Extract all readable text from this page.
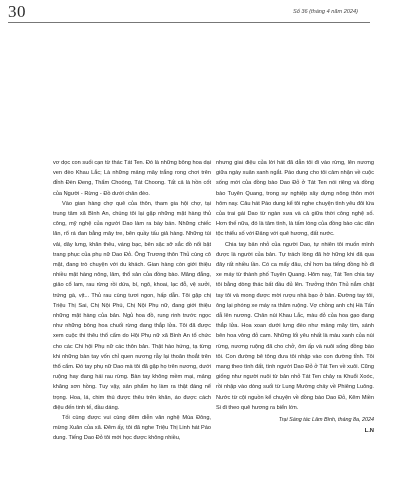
30	Số 36 (tháng 4 năm 2024)

vơ dọc con suối cạn từ thác Tát Ten. Đó là những bông hoa dại ven đèo Khau Lắc; Là những mảng mây trắng rong chơi trên đỉnh Đèn Đeng, Thẩm Choóng, Tát Choong. Tất cả là hồn cốt của Người - Rừng - Đồ dưới chân đèo.

Vào gian hàng chợ quê của thôn, tham gia hội chợ, tại trung tâm xã Bình An, chúng tôi lại gặp những mặt hàng thủ công, mỹ nghệ của người Dao làm ra bày bán. Những chiếc lăn, rổ rá đan bằng mây tre, bên quầy tấu giả hàng. Những túi vải, dây lưng, khăn thêu, váng bạc, bên sặc sỡ sắc đồ nổi bật trang phục của phụ nữ Dao Đỏ. Ông Trương thôn Thủ cùng cô mặt, đang trò chuyện với du khách. Gian hàng còn giới thiệu nhiều mặt hàng nông, lâm, thổ sản của đồng bào. Măng đắng, giảo cổ lam, rau rừng rồi dứa, bí, ngô, khoai, lạc đỗ, vệ sưởi, trứng gà, vịt... Thủ rau cùng tươi ngon, hấp dẫn. Tôi gặp chị Triệu Thị Sai, Chị Nội Phú, Chị Nội Phụ nữ, đang giới thiệu những mặt hàng của bản. Ngủ hoa đồ, rung rinh trước ngọc như những bông hoa chuối rừng đang thắp lửa. Tôi đã được xem cuộc thi thêu thổ cẩm do Hội Phụ nữ xã Bình An tổ chức cho các Chi hội Phụ nữ các thôn bản. Thật hào hứng, tạ từng khi những bàn tay vốn chỉ quen nương rẫy lại thoăn thoắt trên thổ cẩm. Đó tay phụ nữ Dao mà tôi đã gặp họ trên nương, dưới ruộng hay đang hái rau rừng. Bàn tay không mềm mại, mảng khăng sơn hồng. Tuy vậy, sản phẩm họ làm ra thật đáng nể trọng. Hoa, lá, chim thú được thêu trên khăn, áo được cách điệu đến tinh tế, đầu dáng.

Tối cùng được vui cùng đêm diễn văn nghệ Mùa Đông, mừng Xuân của xã. Đêm ấy, tôi đã nghe Triệu Thị Linh hát Páo dung. Tiếng Dao Đỏ tôi mới học được không nhiều,

nhưng giai điệu của lời hát đã dẫn tôi đi vào rừng, lên nương giữa ngày xuân xanh ngắt. Páo dung cho tôi cảm nhận về cuộc sống mới của đồng bào Dao Đỏ ở Tát Ten nói riêng và đồng bào Tuyên Quang, trong sự nghiệp xây dựng nông thôn mới hôm nay. Câu hát Páo dung kể tôi nghe chuyện tình yêu đôi lứa của trai gái Dao từ ngàn xưa và cả giữa thời công nghệ số. Hơn thế nữa, đó là tâm tình, là tấm lòng của đồng bào các dân tộc thiểu số với Đảng với quê hương, đất nước.

Chia tay bản nhỏ của người Dao, tự nhiên tôi muốn mình được là người của bản. Tự trách lòng đã hờ hững khi đã qua đây rất nhiều lần. Có ca mấy đâu, chỉ hơn ba tiếng đồng hồ đi xe máy từ thành phố Tuyên Quang. Hôm nay, Tát Ten chia tay tôi bằng dòng thác bất đầu đủ lên. Trưởng thôn Thủ nắm chặt tay tôi và mong được mời rượu nhà bạo ở bản. Đường tay tôi, ông lại phóng xe máy ra thăm ruộng. Vợ chồng anh chị Hà Tấn dẫ lên nương. Chân núi Khau Lắc, màu đỏ của hoa gạo đang thắp lửa. Hoa xoan dưới lưng đèo như mảng mây tím, sánh bên hoa vông đỏ cam. Những lối yêu nhất là màu xanh của núi rừng, nương ruộng đã cho chở, ôm ấp và nuôi sống đồng bào tôi. Con đường bê tông đưa tôi nhập vào con đường tỉnh. Tôi mang theo tình đất, tình người Dao Đỏ ở Tát Ten về xuôi. Cũng giống như người nuôi từ bản nhỏ Tát Ten chảy ra Khuổi Xoóc, rồi nhập vào dòng suối từ Lung Mường chảy về Phiêng Luông. Nước từ cội nguồn kể chuyện về đồng bào Dao Đỏ, Kẽm Miền Si đi theo quê hương ra biển lớn.

Trại Sáng tác Lâm Bình, tháng 8a, 2024

L.N
